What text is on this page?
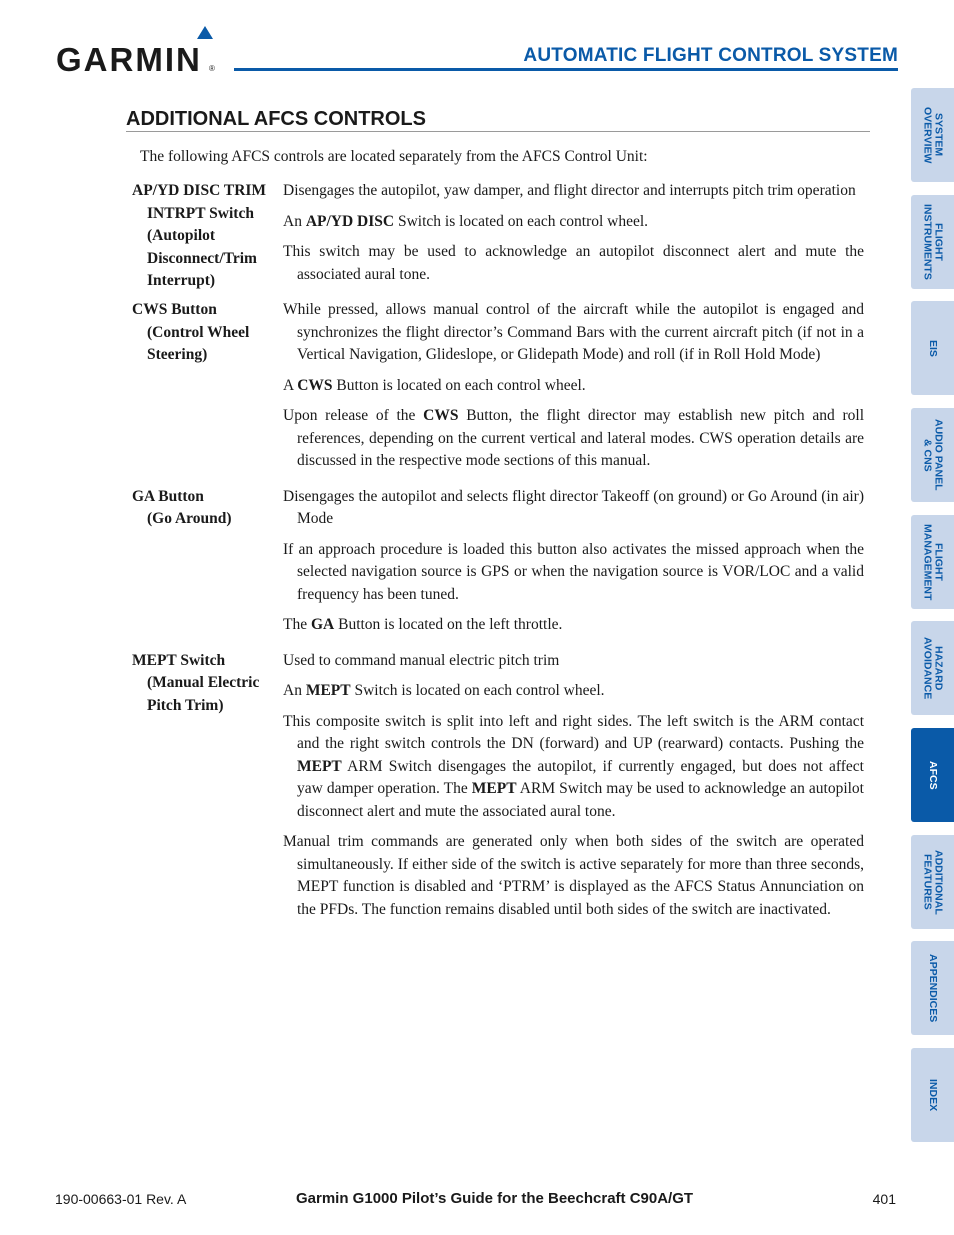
GARMIN ®
AUTOMATIC FLIGHT CONTROL SYSTEM
ADDITIONAL AFCS CONTROLS
The following AFCS controls are located separately from the AFCS Control Unit:
AP/YD DISC TRIM
INTRPT Switch
(Autopilot
Disconnect/Trim
Interrupt)

Disengages the autopilot, yaw damper, and flight director and interrupts pitch trim operation

An AP/YD DISC Switch is located on each control wheel.

This switch may be used to acknowledge an autopilot disconnect alert and mute the associated aural tone.

CWS Button
(Control Wheel
Steering)

While pressed, allows manual control of the aircraft while the autopilot is engaged and synchronizes the flight director’s Command Bars with the current aircraft pitch (if not in a Vertical Navigation, Glideslope, or Glidepath Mode) and roll (if in Roll Hold Mode)

A CWS Button is located on each control wheel.

Upon release of the CWS Button, the flight director may establish new pitch and roll references, depending on the current vertical and lateral modes. CWS operation details are discussed in the respective mode sections of this manual.

GA Button
(Go Around)

Disengages the autopilot and selects flight director Takeoff (on ground) or Go Around (in air) Mode

If an approach procedure is loaded this button also activates the missed approach when the selected navigation source is GPS or when the navigation source is VOR/LOC and a valid frequency has been tuned.

The GA Button is located on the left throttle.

MEPT Switch
(Manual Electric
Pitch Trim)

Used to command manual electric pitch trim

An MEPT Switch is located on each control wheel.

This composite switch is split into left and right sides. The left switch is the ARM contact and the right switch controls the DN (forward) and UP (rearward) contacts. Pushing the MEPT ARM Switch disengages the autopilot, if currently engaged, but does not affect yaw damper operation. The MEPT ARM Switch may be used to acknowledge an autopilot disconnect alert and mute the associated aural tone.

Manual trim commands are generated only when both sides of the switch are operated simultaneously. If either side of the switch is active separately for more than three seconds, MEPT function is disabled and ‘PTRM’ is displayed as the AFCS Status Annunciation on the PFDs. The function remains disabled until both sides of the switch are inactivated.

SYSTEM
OVERVIEW
FLIGHT
INSTRUMENTS
EIS
AUDIO PANEL
& CNS
FLIGHT
MANAGEMENT
HAZARD
AVOIDANCE
AFCS
ADDITIONAL
FEATURES
APPENDICES
INDEX
190-00663-01 Rev. A	Garmin G1000 Pilot’s Guide for the Beechcraft C90A/GT	401
